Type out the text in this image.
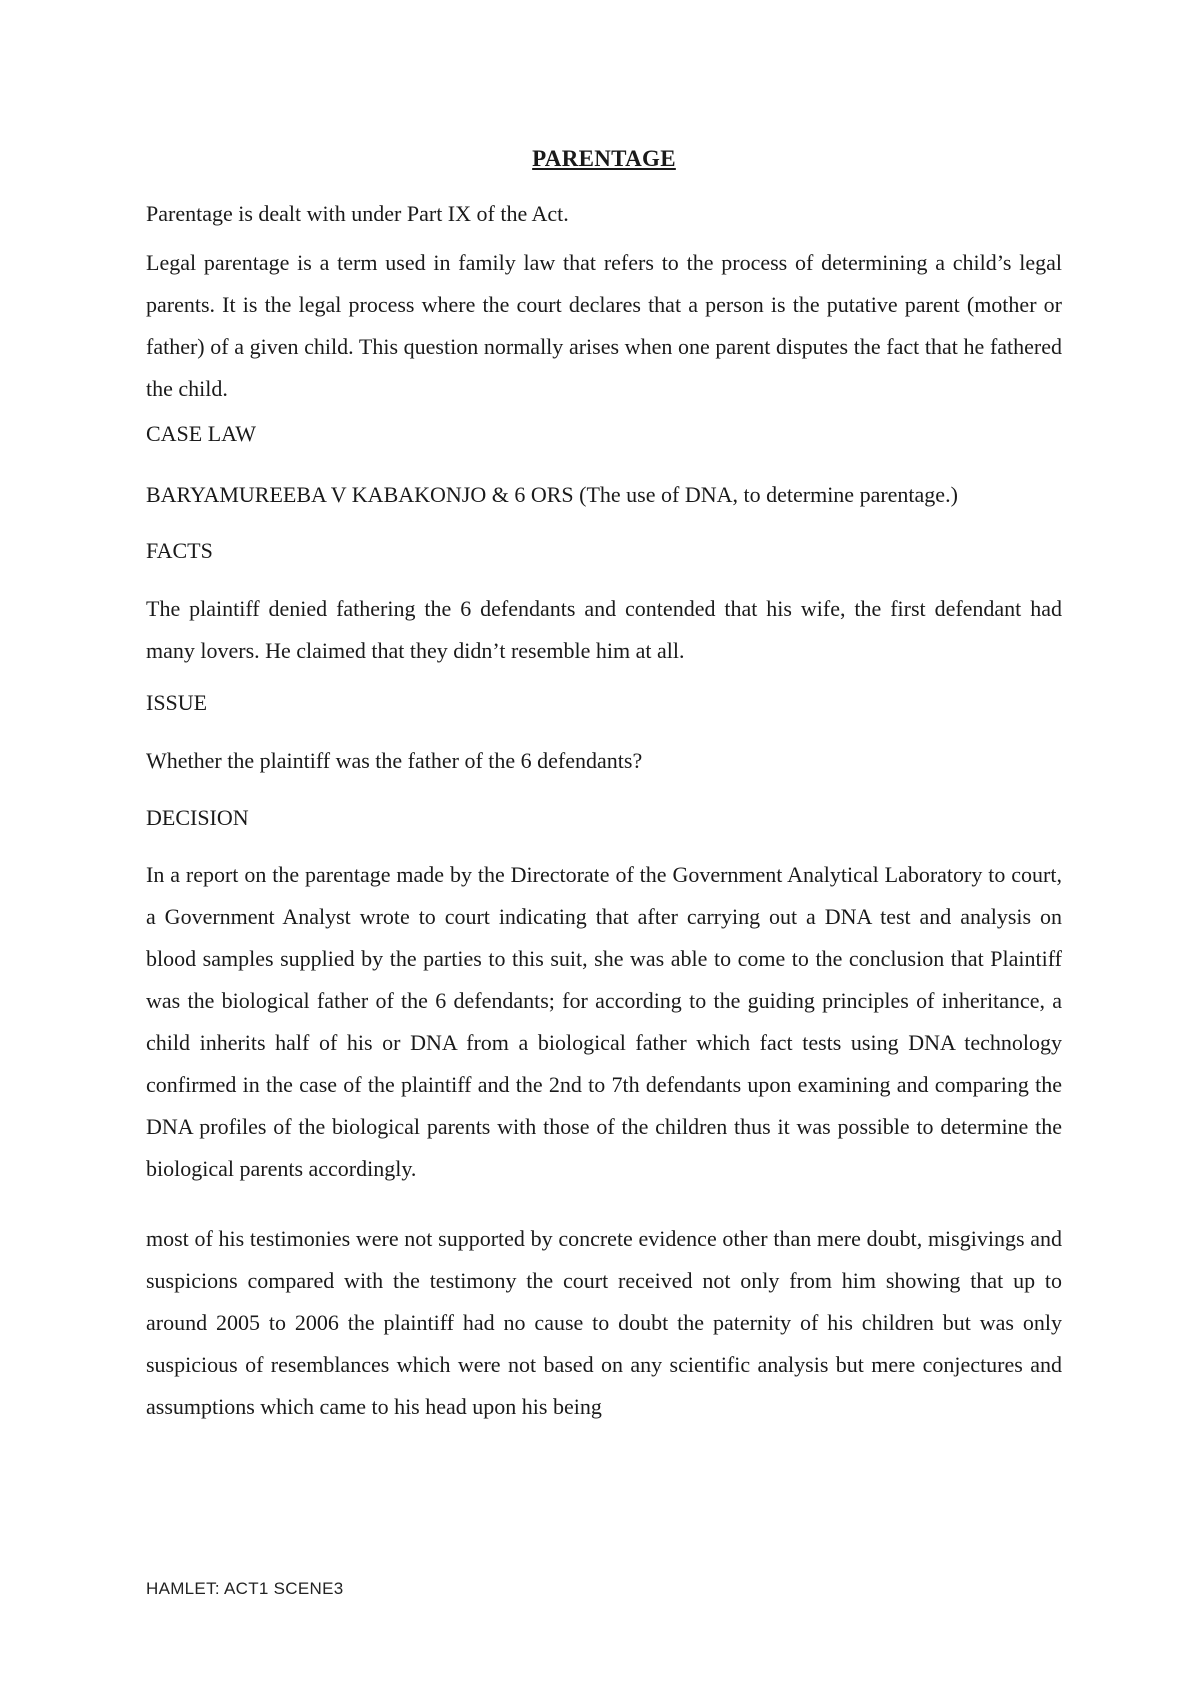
PARENTAGE

Parentage is dealt with under Part IX of the Act.

Legal parentage is a term used in family law that refers to the process of determining a child’s legal parents. It is the legal process where the court declares that a person is the putative parent (mother or father) of a given child. This question normally arises when one parent disputes the fact that he fathered the child.

CASE LAW

BARYAMUREEBA V KABAKONJO & 6 ORS (The use of DNA, to determine parentage.)

FACTS

The plaintiff denied fathering the 6 defendants and contended that his wife, the first defendant had many lovers. He claimed that they didn’t resemble him at all.

ISSUE

Whether the plaintiff was the father of the 6 defendants?

DECISION

In a report on the parentage made by the Directorate of the Government Analytical Laboratory to court, a Government Analyst wrote to court indicating that after carrying out a DNA test and analysis on blood samples supplied by the parties to this suit, she was able to come to the conclusion that Plaintiff was the biological father of the 6 defendants; for according to the guiding principles of inheritance, a child inherits half of his or DNA from a biological father which fact tests using DNA technology confirmed in the case of the plaintiff and the 2nd to 7th defendants upon examining and comparing the DNA profiles of the biological parents with those of the children thus it was possible to determine the biological parents accordingly.

most of his testimonies were not supported by concrete evidence other than mere doubt, misgivings and suspicions compared with the testimony the court received not only from him showing that up to around 2005 to 2006 the plaintiff had no cause to doubt the paternity of his children but was only suspicious of resemblances which were not based on any scientific analysis but mere conjectures and assumptions which came to his head upon his being

HAMLET: ACT1 SCENE3
